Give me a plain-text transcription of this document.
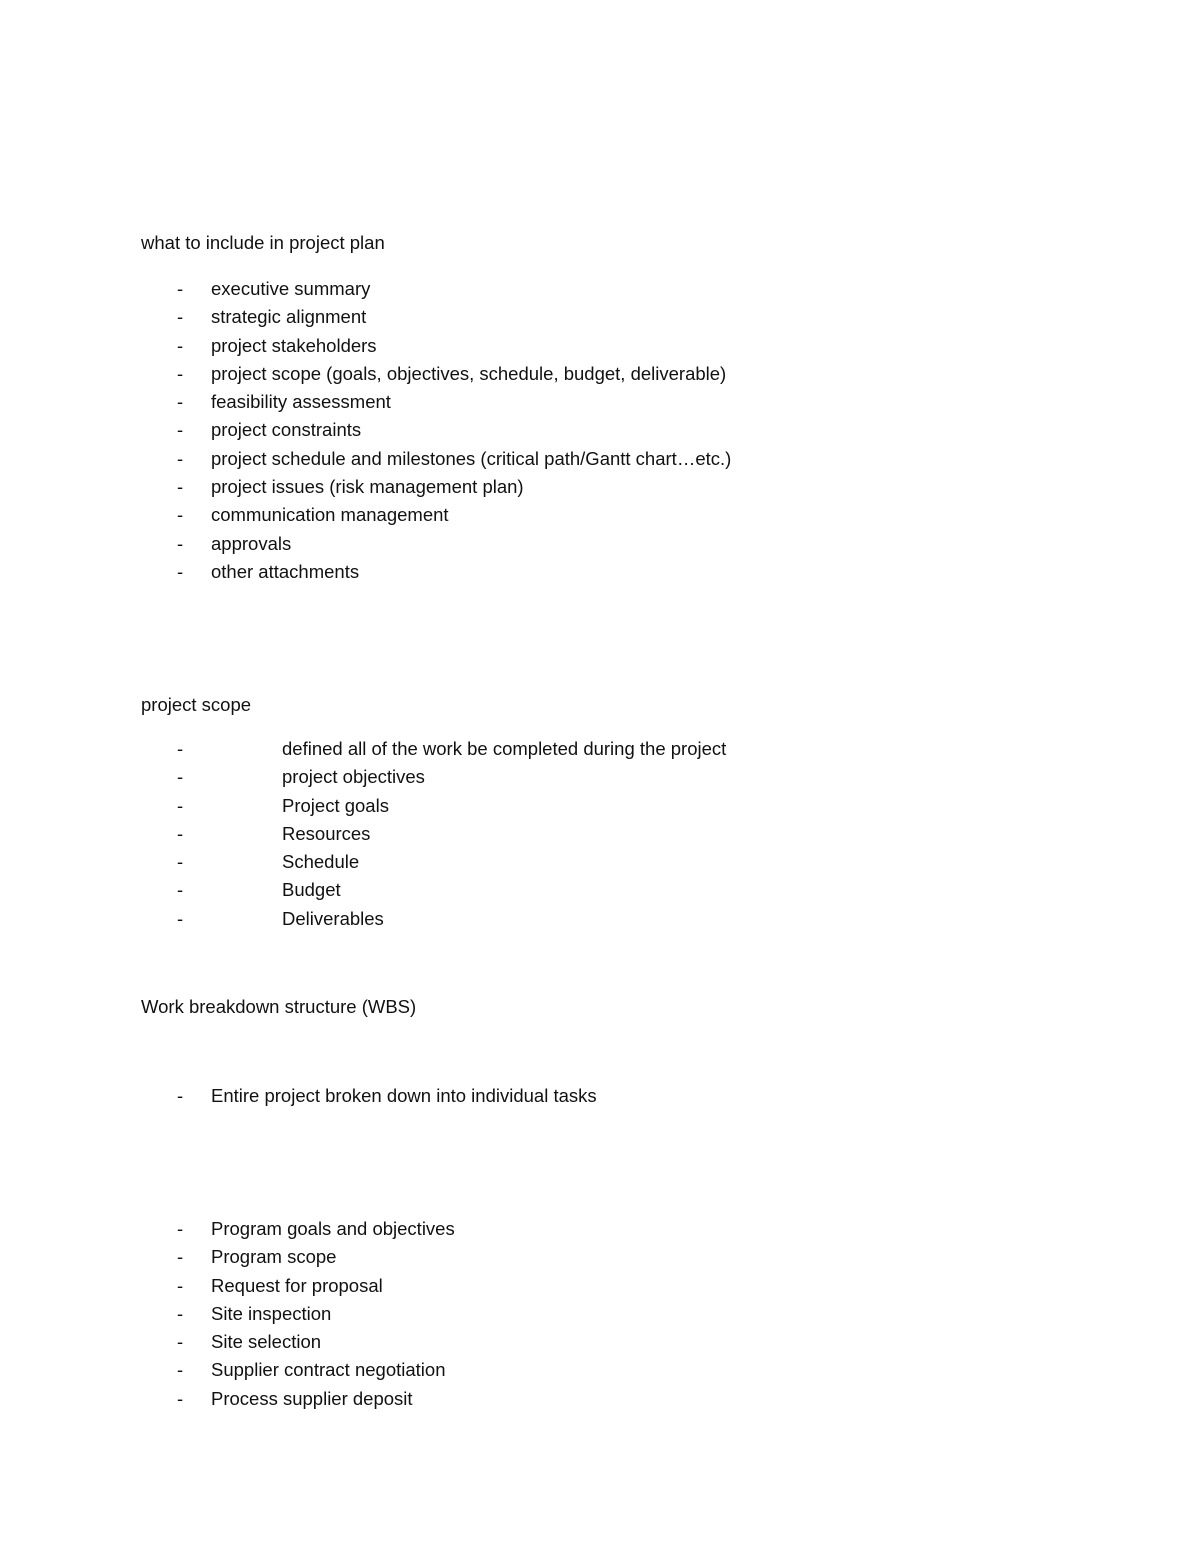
what to include in project plan
- executive summary
- strategic alignment
- project stakeholders
- project scope (goals, objectives, schedule, budget, deliverable)
- feasibility assessment
- project constraints
- project schedule and milestones (critical path/Gantt chart…etc.)
- project issues (risk management plan)
- communication management
- approvals
- other attachments
project scope
-	defined all of the work be completed during the project
-	project objectives
-	Project goals
-	Resources
-	Schedule
-	Budget
-	Deliverables
Work breakdown structure (WBS)
- Entire project broken down into individual tasks
- Program goals and objectives
- Program scope
- Request for proposal
- Site inspection
- Site selection
- Supplier contract negotiation
- Process supplier deposit
